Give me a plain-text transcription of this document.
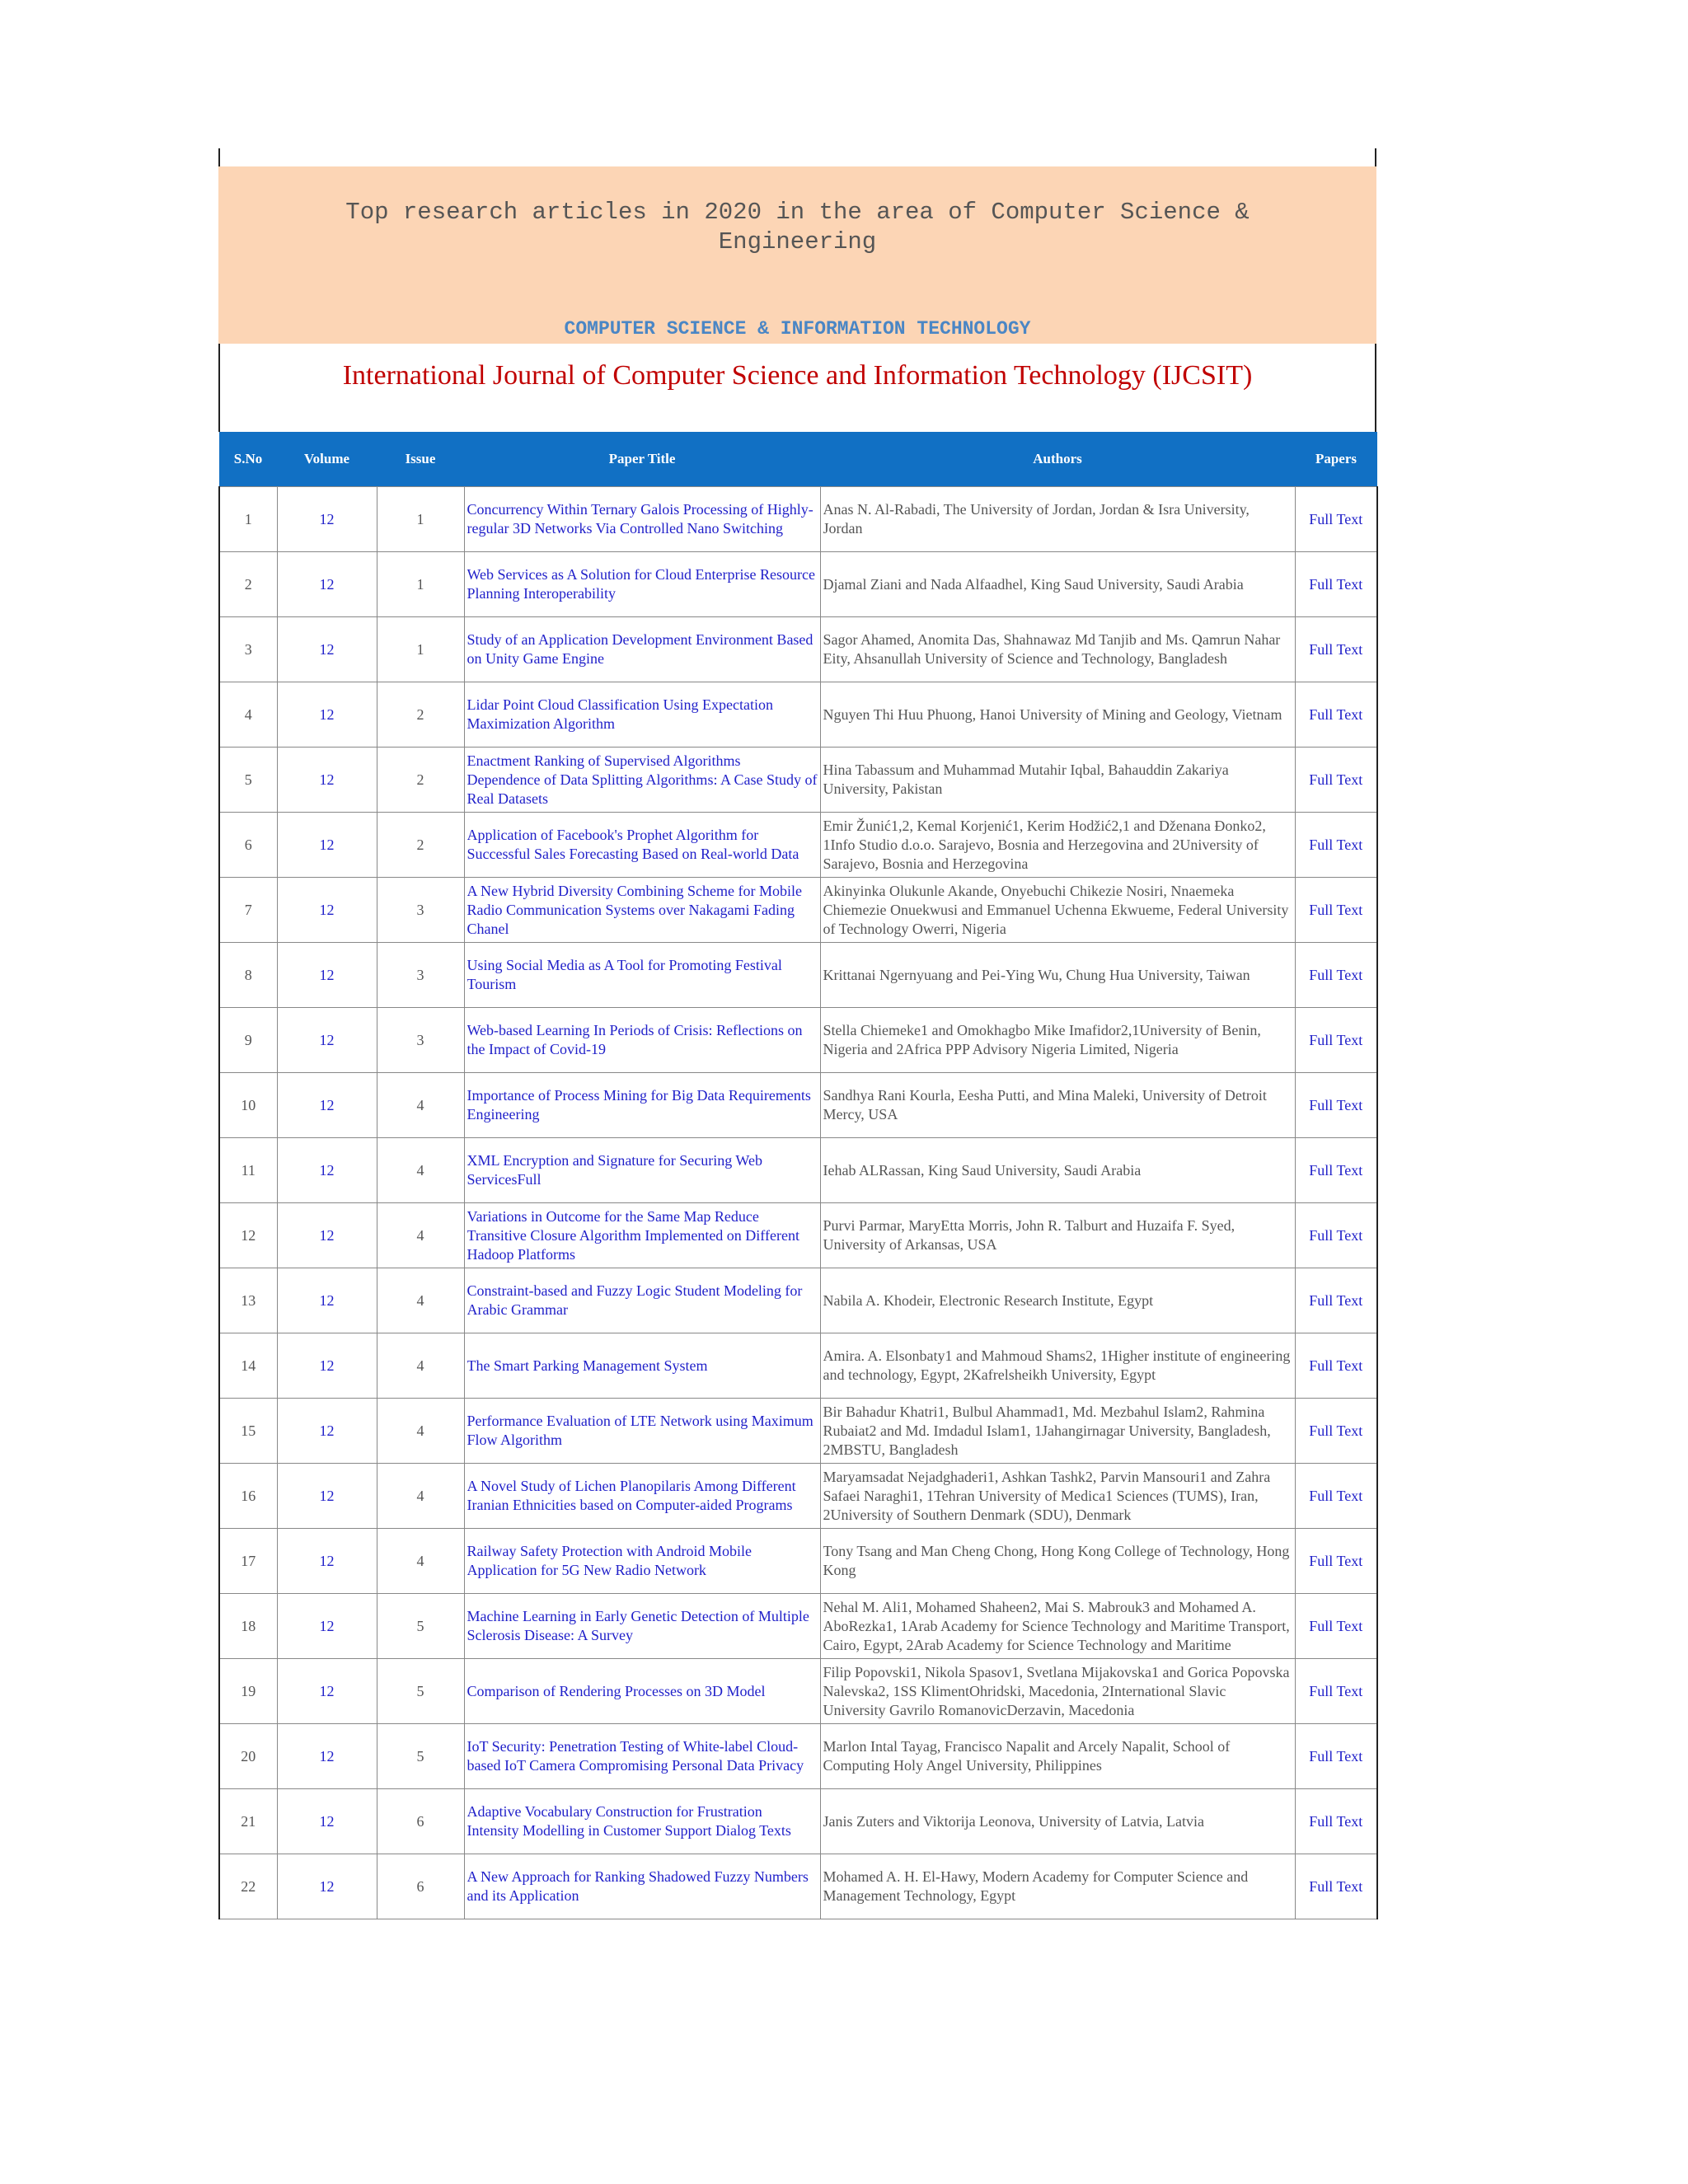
Top research articles in 2020 in the area of Computer Science &
Engineering
COMPUTER SCIENCE & INFORMATION TECHNOLOGY
International Journal of Computer Science and Information Technology (IJCSIT)
S.No	Volume	Issue	Paper Title	Authors	Papers
1	12	1	Concurrency Within Ternary Galois Processing of Highly-regular 3D Networks Via Controlled Nano Switching	Anas N. Al-Rabadi, The University of Jordan, Jordan & Isra University, Jordan	Full Text
2	12	1	Web Services as A Solution for Cloud Enterprise Resource Planning Interoperability	Djamal Ziani and Nada Alfaadhel, King Saud University, Saudi Arabia	Full Text
3	12	1	Study of an Application Development Environment Based on Unity Game Engine	Sagor Ahamed, Anomita Das, Shahnawaz Md Tanjib and Ms. Qamrun Nahar Eity, Ahsanullah University of Science and Technology, Bangladesh	Full Text
4	12	2	Lidar Point Cloud Classification Using Expectation Maximization Algorithm	Nguyen Thi Huu Phuong, Hanoi University of Mining and Geology, Vietnam	Full Text
5	12	2	Enactment Ranking of Supervised Algorithms Dependence of Data Splitting Algorithms: A Case Study of Real Datasets	Hina Tabassum and Muhammad Mutahir Iqbal, Bahauddin Zakariya University, Pakistan	Full Text
6	12	2	Application of Facebook's Prophet Algorithm for Successful Sales Forecasting Based on Real-world Data	Emir Žunić1,2, Kemal Korjenić1, Kerim Hodžić2,1 and Dženana Đonko2, 1Info Studio d.o.o. Sarajevo, Bosnia and Herzegovina and 2University of Sarajevo, Bosnia and Herzegovina	Full Text
7	12	3	A New Hybrid Diversity Combining Scheme for Mobile Radio Communication Systems over Nakagami Fading Chanel	Akinyinka Olukunle Akande, Onyebuchi Chikezie Nosiri, Nnaemeka Chiemezie Onuekwusi and Emmanuel Uchenna Ekwueme, Federal University of Technology Owerri, Nigeria	Full Text
8	12	3	Using Social Media as A Tool for Promoting Festival Tourism	Krittanai Ngernyuang and Pei-Ying Wu, Chung Hua University, Taiwan	Full Text
9	12	3	Web-based Learning In Periods of Crisis: Reflections on the Impact of Covid-19	Stella Chiemeke1 and Omokhagbo Mike Imafidor2,1University of Benin, Nigeria and 2Africa PPP Advisory Nigeria Limited, Nigeria	Full Text
10	12	4	Importance of Process Mining for Big Data Requirements Engineering	Sandhya Rani Kourla, Eesha Putti, and Mina Maleki, University of Detroit Mercy, USA	Full Text
11	12	4	XML Encryption and Signature for Securing Web ServicesFull	Iehab ALRassan, King Saud University, Saudi Arabia	Full Text
12	12	4	Variations in Outcome for the Same Map Reduce Transitive Closure Algorithm Implemented on Different Hadoop Platforms	Purvi Parmar, MaryEtta Morris, John R. Talburt and Huzaifa F. Syed, University of Arkansas, USA	Full Text
13	12	4	Constraint-based and Fuzzy Logic Student Modeling for Arabic Grammar	Nabila A. Khodeir, Electronic Research Institute, Egypt	Full Text
14	12	4	The Smart Parking Management System	Amira. A. Elsonbaty1 and Mahmoud Shams2, 1Higher institute of engineering and technology, Egypt, 2Kafrelsheikh University, Egypt	Full Text
15	12	4	Performance Evaluation of LTE Network using Maximum Flow Algorithm	Bir Bahadur Khatri1, Bulbul Ahammad1, Md. Mezbahul Islam2, Rahmina Rubaiat2 and Md. Imdadul Islam1, 1Jahangirnagar University, Bangladesh, 2MBSTU, Bangladesh	Full Text
16	12	4	A Novel Study of Lichen Planopilaris Among Different Iranian Ethnicities based on Computer-aided Programs	Maryamsadat Nejadghaderi1, Ashkan Tashk2, Parvin Mansouri1 and Zahra Safaei Naraghi1, 1Tehran University of Medica1 Sciences (TUMS), Iran, 2University of Southern Denmark (SDU), Denmark	Full Text
17	12	4	Railway Safety Protection with Android Mobile Application for 5G New Radio Network	Tony Tsang and Man Cheng Chong, Hong Kong College of Technology, Hong Kong	Full Text
18	12	5	Machine Learning in Early Genetic Detection of Multiple Sclerosis Disease: A Survey	Nehal M. Ali1, Mohamed Shaheen2, Mai S. Mabrouk3 and Mohamed A. AboRezka1, 1Arab Academy for Science Technology and Maritime Transport, Cairo, Egypt, 2Arab Academy for Science Technology and Maritime	Full Text
19	12	5	Comparison of Rendering Processes on 3D Model	Filip Popovski1, Nikola Spasov1, Svetlana Mijakovska1 and Gorica Popovska Nalevska2, 1SS KlimentOhridski, Macedonia, 2International Slavic University Gavrilo RomanovicDerzavin, Macedonia	Full Text
20	12	5	IoT Security: Penetration Testing of White-label Cloud-based IoT Camera Compromising Personal Data Privacy	Marlon Intal Tayag, Francisco Napalit and Arcely Napalit, School of Computing Holy Angel University, Philippines	Full Text
21	12	6	Adaptive Vocabulary Construction for Frustration Intensity Modelling in Customer Support Dialog Texts	Janis Zuters and Viktorija Leonova, University of Latvia, Latvia	Full Text
22	12	6	A New Approach for Ranking Shadowed Fuzzy Numbers and its Application	Mohamed A. H. El-Hawy, Modern Academy for Computer Science and Management Technology, Egypt	Full Text
